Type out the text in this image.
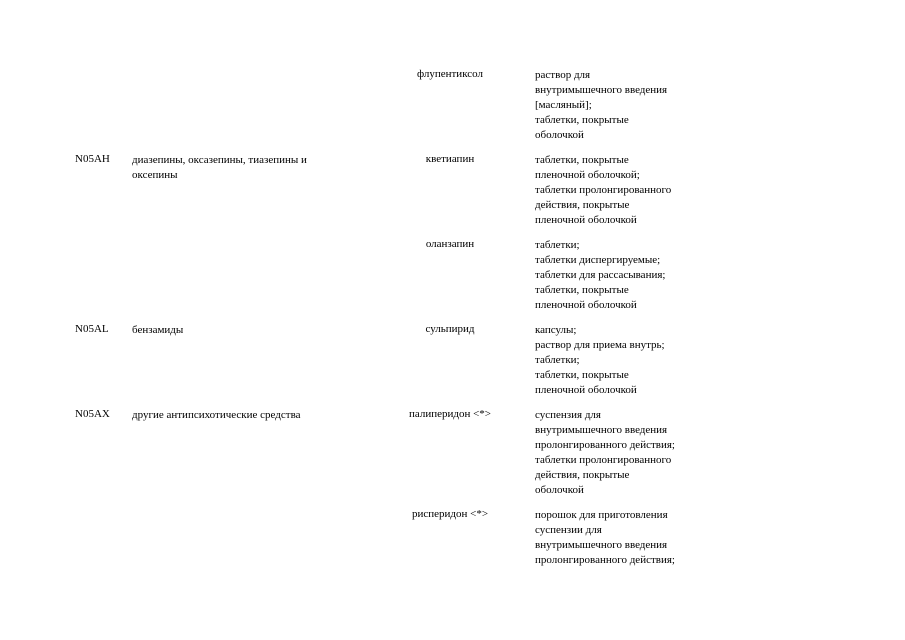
флупентиксол	раствор для
внутримышечного введения
[масляный];
таблетки, покрытые
оболочкой
N05AH диазепины, оксазепины, тиазепины и
оксепины
кветиапин	таблетки, покрытые
пленочной оболочкой;
таблетки пролонгированного
действия, покрытые
пленочной оболочкой
оланзапин	таблетки;
таблетки диспергируемые;
таблетки для рассасывания;
таблетки, покрытые
пленочной оболочкой
N05AL бензамиды	сульпирид	капсулы;
раствор для приема внутрь;
таблетки;
таблетки, покрытые
пленочной оболочкой
N05AX другие антипсихотические средства	палиперидон <*>	суспензия для
внутримышечного введения
пролонгированного действия;
таблетки пролонгированного
действия, покрытые
оболочкой
рисперидон <*>	порошок для приготовления
суспензии для
внутримышечного введения
пролонгированного действия;
